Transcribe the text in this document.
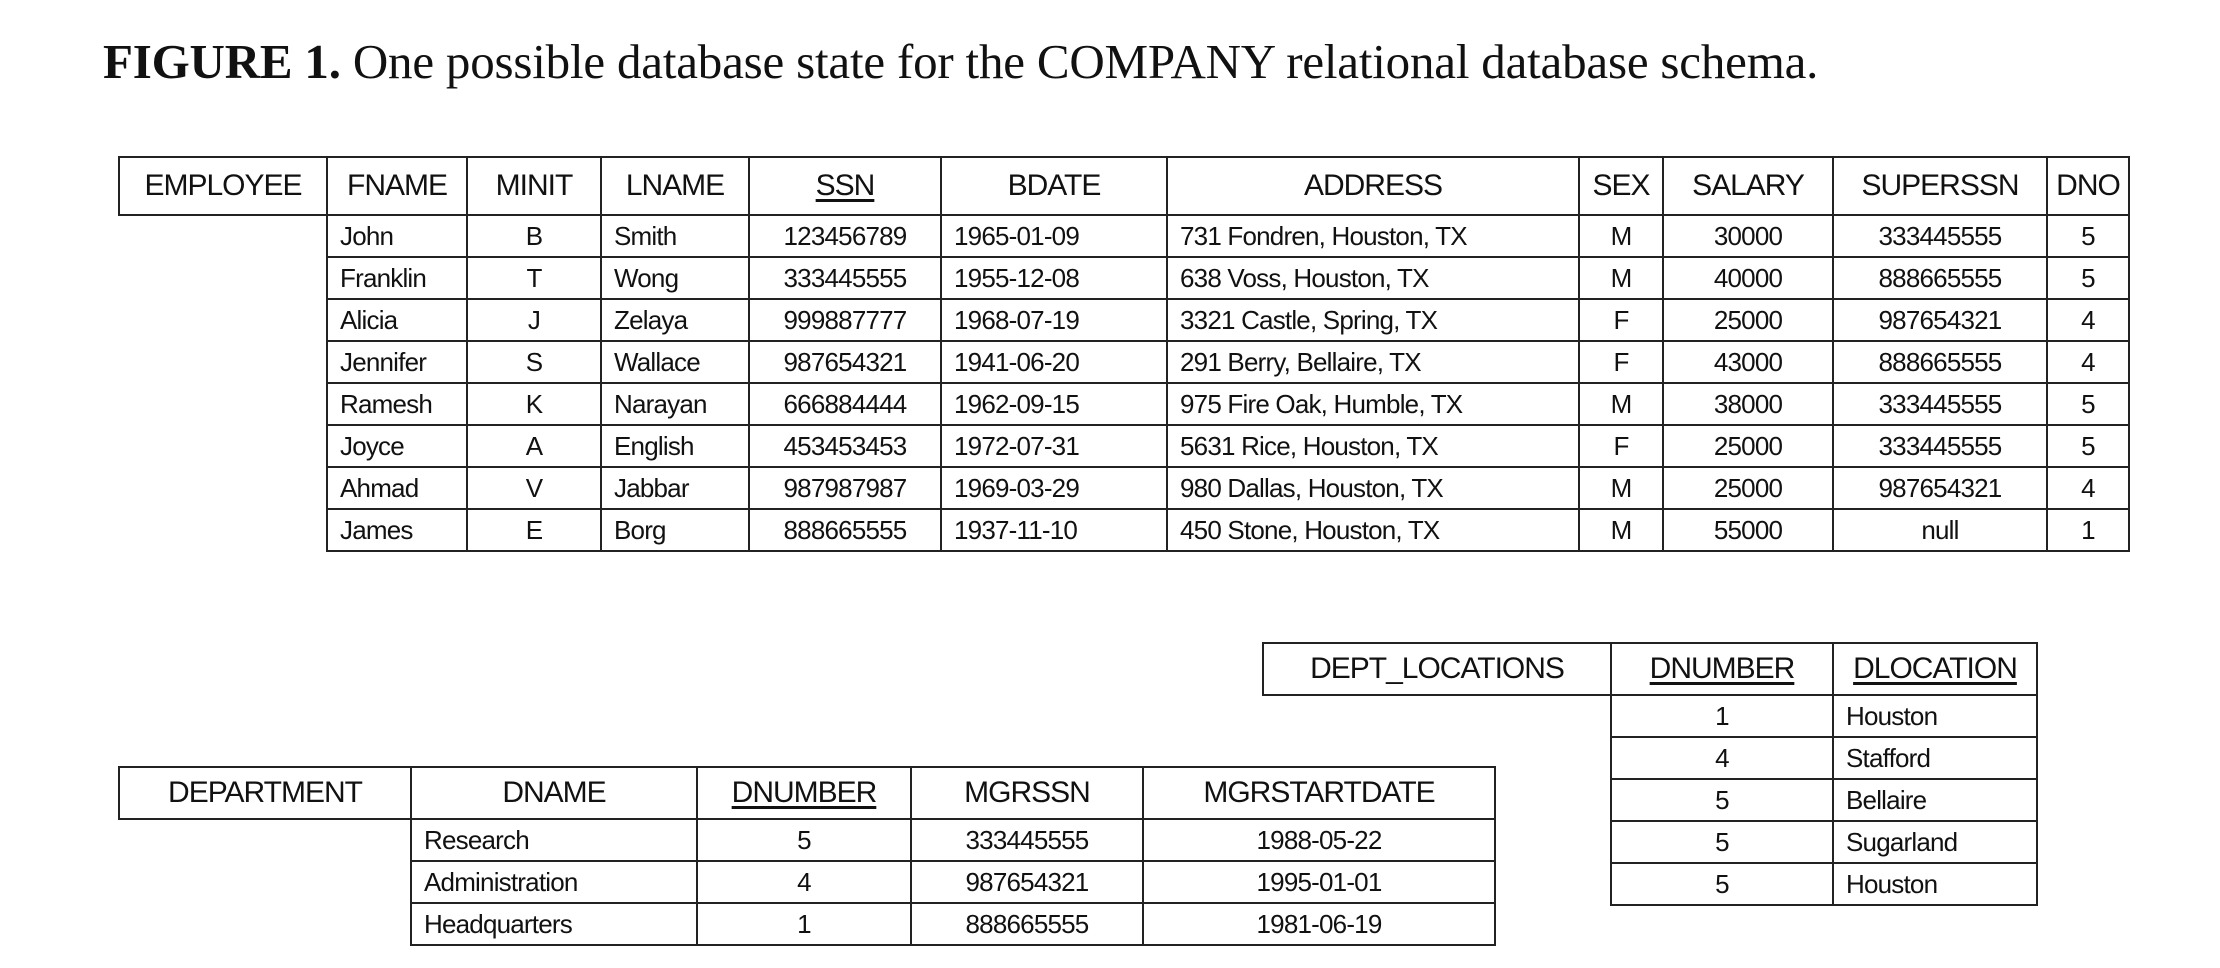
FIGURE 1. One possible database state for the COMPANY relational database schema.
EMPLOYEE	FNAME	MINIT	LNAME	SSN	BDATE	ADDRESS	SEX	SALARY	SUPERSSN	DNO
	John	B	Smith	123456789	1965-01-09	731 Fondren, Houston, TX	M	30000	333445555	5
	Franklin	T	Wong	333445555	1955-12-08	638 Voss, Houston, TX	M	40000	888665555	5
	Alicia	J	Zelaya	999887777	1968-07-19	3321 Castle, Spring, TX	F	25000	987654321	4
	Jennifer	S	Wallace	987654321	1941-06-20	291 Berry, Bellaire, TX	F	43000	888665555	4
	Ramesh	K	Narayan	666884444	1962-09-15	975 Fire Oak, Humble, TX	M	38000	333445555	5
	Joyce	A	English	453453453	1972-07-31	5631 Rice, Houston, TX	F	25000	333445555	5
	Ahmad	V	Jabbar	987987987	1969-03-29	980 Dallas, Houston, TX	M	25000	987654321	4
	James	E	Borg	888665555	1937-11-10	450 Stone, Houston, TX	M	55000	null	1
DEPT_LOCATIONS	DNUMBER	DLOCATION
	1	Houston
	4	Stafford
	5	Bellaire
	5	Sugarland
	5	Houston
DEPARTMENT	DNAME	DNUMBER	MGRSSN	MGRSTARTDATE
	Research	5	333445555	1988-05-22
	Administration	4	987654321	1995-01-01
	Headquarters	1	888665555	1981-06-19
